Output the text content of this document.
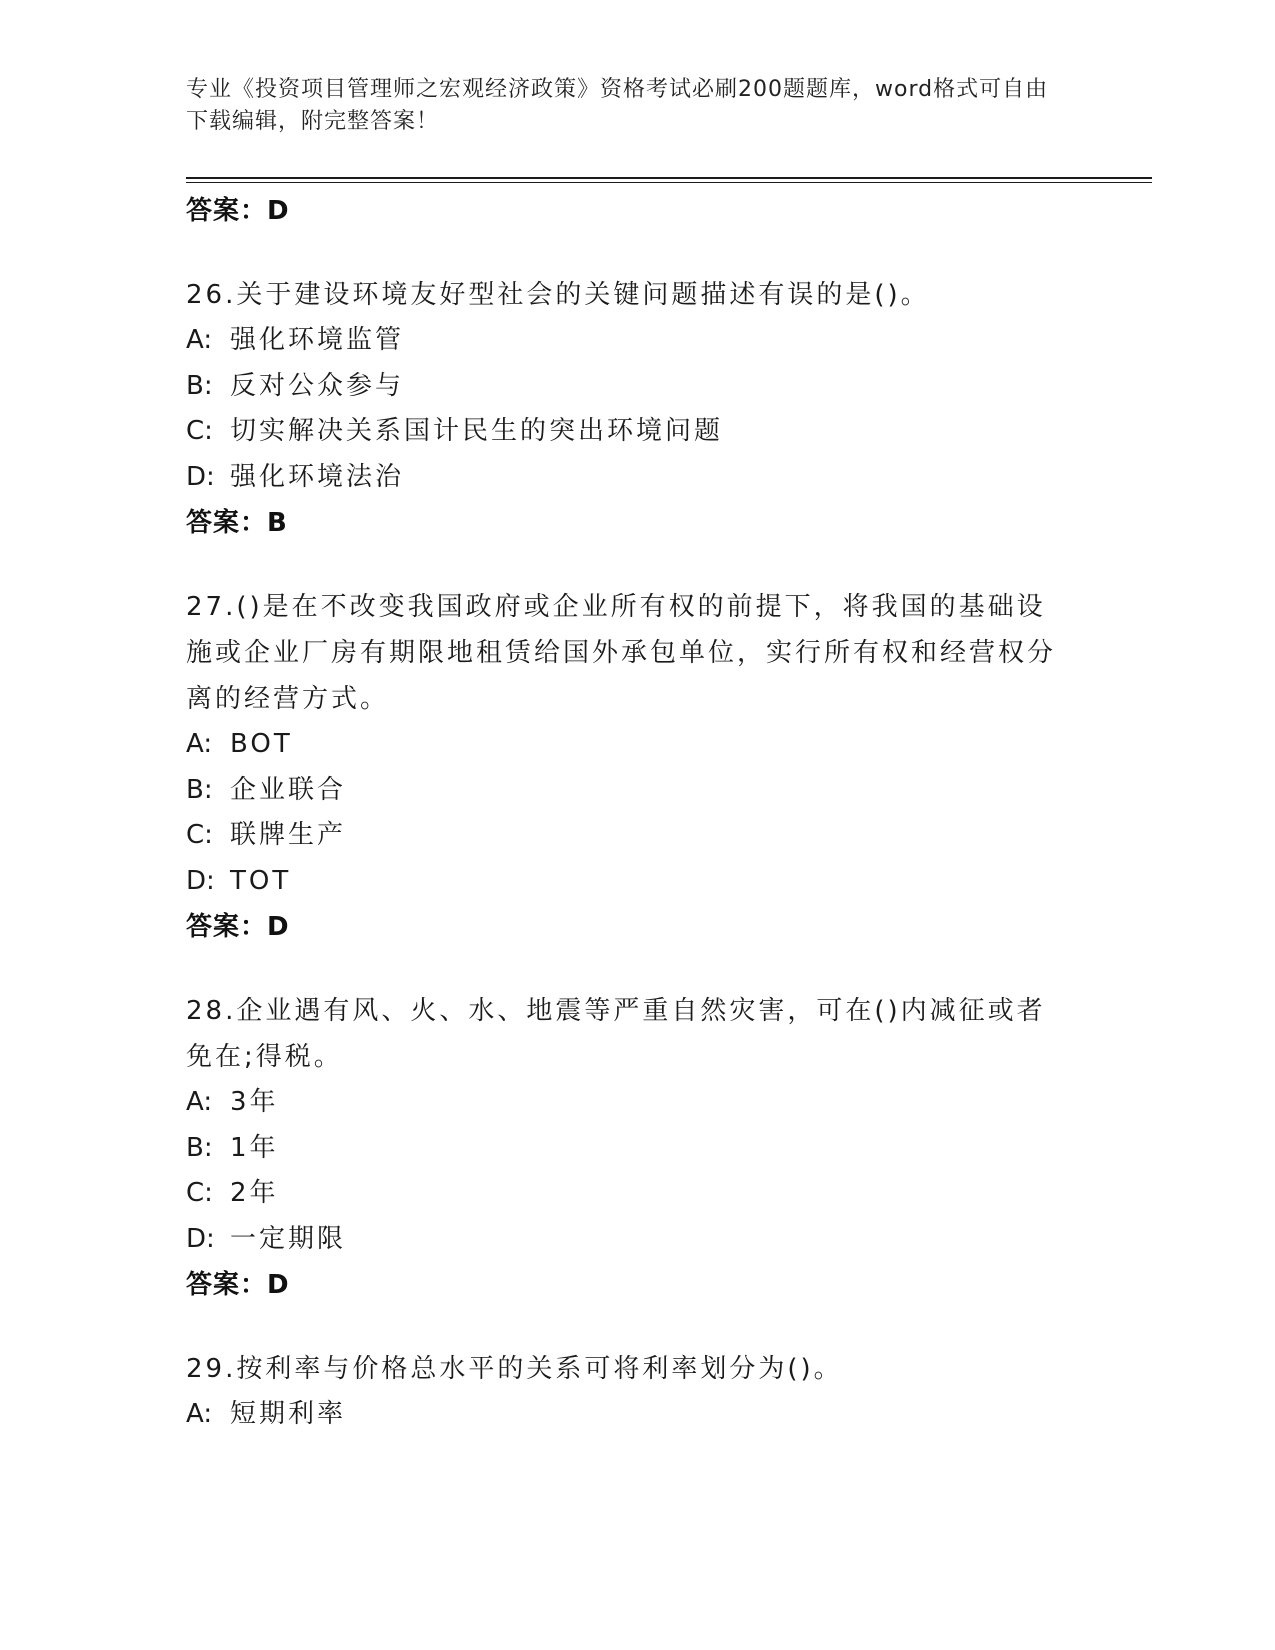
专业《投资项目管理师之宏观经济政策》资格考试必刷200题题库，word格式可自由下载编辑，附完整答案！

答案：D

26.关于建设环境友好型社会的关键问题描述有误的是()。

A: 强化环境监管

B: 反对公众参与

C: 切实解决关系国计民生的突出环境问题

D: 强化环境法治

答案：B

27.()是在不改变我国政府或企业所有权的前提下，将我国的基础设施或企业厂房有期限地租赁给国外承包单位，实行所有权和经营权分离的经营方式。

A: BOT

B: 企业联合

C: 联牌生产

D: TOT

答案：D

28.企业遇有风、火、水、地震等严重自然灾害，可在()内减征或者免在;得税。

A: 3年

B: 1年

C: 2年

D: 一定期限

答案：D

29.按利率与价格总水平的关系可将利率划分为()。

A: 短期利率
